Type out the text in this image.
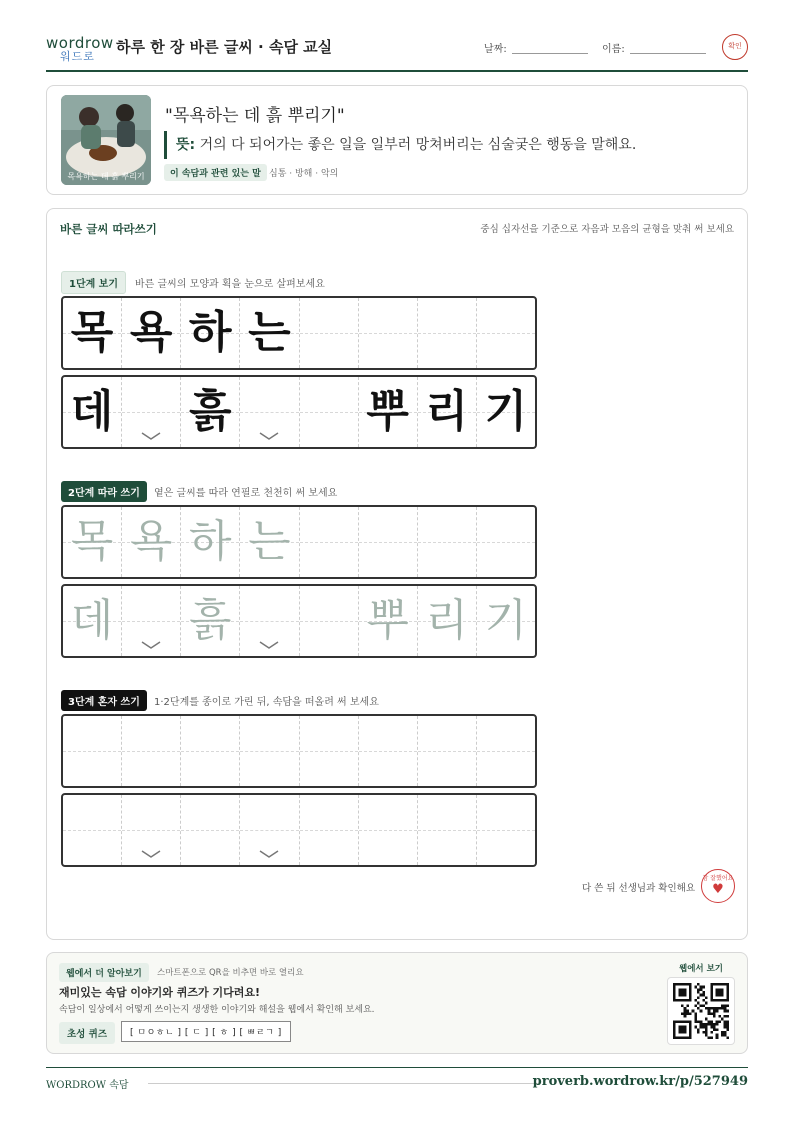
wordrow
워드로
하루 한 장 바른 글씨 · 속담 교실	날짜:	이름:	확인
목욕하는 데 흙 뿌리기
"목욕하는 데 흙 뿌리기"
뜻: 거의 다 되어가는 좋은 일을 일부러 망쳐버리는 심술궂은 행동을 말해요.
이 속담과 관련 있는 말 심통 · 방해 · 악의
바른 글씨 따라쓰기	중심 십자선을 기준으로 자음과 모음의 균형을 맞춰 써 보세요
1단계 보기	바른 글씨의 모양과 획을 눈으로 살펴보세요
목 욕 하 는
데 흙	뿌 리 기
2단계 따라 쓰기	옅은 글씨를 따라 연필로 천천히 써 보세요
목 욕 하 는
데 흙	뿌 리 기
3단계 혼자 쓰기	1·2단계를 종이로 가린 뒤, 속담을 떠올려 써 보세요
다 쓴 뒤 선생님과 확인해요
참 잘했어요
♥
웹에서 더 알아보기	스마트폰으로 QR을 비추면 바로 열리요
재미있는 속담 이야기와 퀴즈가 기다려요!
속담이 일상에서 어떻게 쓰이는지 생생한 이야기와 해설을 웹에서 확인해 보세요.
초성 퀴즈	[ ㅁㅇㅎㄴ ] [ ㄷ ] [ ㅎ ] [ ㅃㄹㄱ ]
웹에서 보기
WORDROW 속담	proverb.wordrow.kr/p/527949
